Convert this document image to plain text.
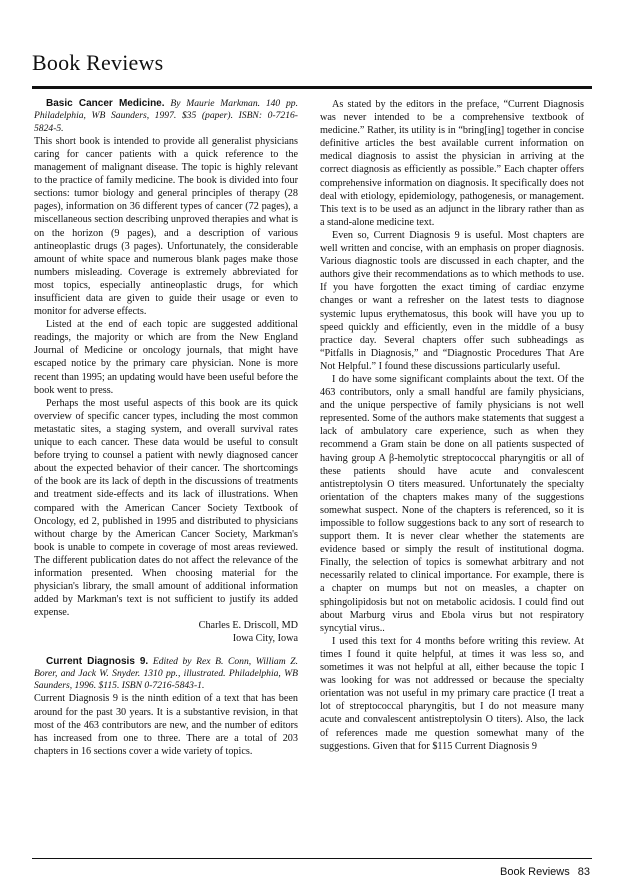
Book Reviews

Basic Cancer Medicine. By Maurie Markman. 140 pp. Philadelphia, WB Saunders, 1997. $35 (paper). ISBN: 0-7216-5824-5.

This short book is intended to provide all generalist physicians caring for cancer patients with a quick reference to the management of malignant disease. The topic is highly relevant to the practice of family medicine. The book is divided into four sections: tumor biology and general principles of therapy (28 pages), information on 36 different types of cancer (72 pages), a miscellaneous section describing unproved therapies and what is on the horizon (9 pages), and a description of various antineoplastic drugs (3 pages). Unfortunately, the considerable amount of white space and numerous blank pages make those numbers misleading. Coverage is extremely abbreviated for most topics, especially antineoplastic drugs, for which insufficient data are given to guide their usage or even to monitor for adverse effects.

Listed at the end of each topic are suggested additional readings, the majority or which are from the New England Journal of Medicine or oncology journals, that might have escaped notice by the primary care physician. None is more recent than 1995; an updating would have been useful before the book went to press.

Perhaps the most useful aspects of this book are its quick overview of specific cancer types, including the most common metastatic sites, a staging system, and overall survival rates unique to each cancer. These data would be useful to consult before trying to counsel a patient with newly diagnosed cancer about the expected behavior of their cancer. The shortcomings of the book are its lack of depth in the discussions of treatments and treatment side-effects and its lack of illustrations. When compared with the American Cancer Society Textbook of Oncology, ed 2, published in 1995 and distributed to physicians without charge by the American Cancer Society, Markman's book is unable to compete in coverage of most areas reviewed. The different publication dates do not affect the relevance of the information presented. When choosing material for the physician's library, the small amount of additional information added by Markman's text is not sufficient to justify its added expense.

Charles E. Driscoll, MD

Iowa City, Iowa

Current Diagnosis 9. Edited by Rex B. Conn, William Z. Borer, and Jack W. Snyder. 1310 pp., illustrated. Philadelphia, WB Saunders, 1996. $115. ISBN 0-7216-5843-1.

Current Diagnosis 9 is the ninth edition of a text that has been around for the past 30 years. It is a substantive revision, in that most of the 463 contributors are new, and the number of editors has increased from one to three. There are a total of 203 chapters in 16 sections cover a wide variety of topics.

As stated by the editors in the preface, “Current Diagnosis was never intended to be a comprehensive textbook of medicine.” Rather, its utility is in “bring[ing] together in concise definitive articles the best available current information on medical diagnosis to assist the physician in arriving at the correct diagnosis as efficiently as possible.” Each chapter offers comprehensive information on diagnosis. It specifically does not deal with etiology, epidemiology, pathogenesis, or management. This text is to be used as an adjunct in the library rather than as a stand-alone medicine text.

Even so, Current Diagnosis 9 is useful. Most chapters are well written and concise, with an emphasis on proper diagnosis. Various diagnostic tools are discussed in each chapter, and the authors give their recommendations as to which methods to use. If you have forgotten the exact timing of cardiac enzyme changes or want a refresher on the latest tests to diagnose systemic lupus erythematosus, this book will have you up to speed quickly and efficiently, even in the middle of a busy practice day. Several chapters offer such subheadings as “Pitfalls in Diagnosis,” and “Diagnostic Procedures That Are Not Helpful.” I found these discussions particularly useful.

I do have some significant complaints about the text. Of the 463 contributors, only a small handful are family physicians, and the unique perspective of family physicians is not well represented. Some of the authors make statements that suggest a lack of ambulatory care experience, such as when they recommend a Gram stain be done on all patients suspected of having group A β-hemolytic streptococcal pharyngitis or all of these patients should have acute and convalescent antistreptolysin O titers measured. Unfortunately the specialty orientation of the chapters makes many of the suggestions somewhat suspect. None of the chapters is referenced, so it is impossible to follow suggestions back to any sort of research to support them. It is never clear whether the statements are evidence based or simply the result of institutional dogma. Finally, the selection of topics is somewhat arbitrary and not necessarily related to clinical importance. For example, there is a chapter on mumps but not on measles, a chapter on sphingolipidosis but not on metabolic acidosis. I could find out about Marburg virus and Ebola virus but not respiratory syncytial virus..

I used this text for 4 months before writing this review. At times I found it quite helpful, at times it was less so, and sometimes it was not helpful at all, either because the topic I was looking for was not addressed or because the specialty orientation was not useful in my primary care practice (I treat a lot of streptococcal pharyngitis, but I do not measure many acute and convalescent antistreptolysin O titers). Also, the lack of references made me question somewhat many of the suggestions. Given that for $115 Current Diagnosis 9

Book Reviews 83
